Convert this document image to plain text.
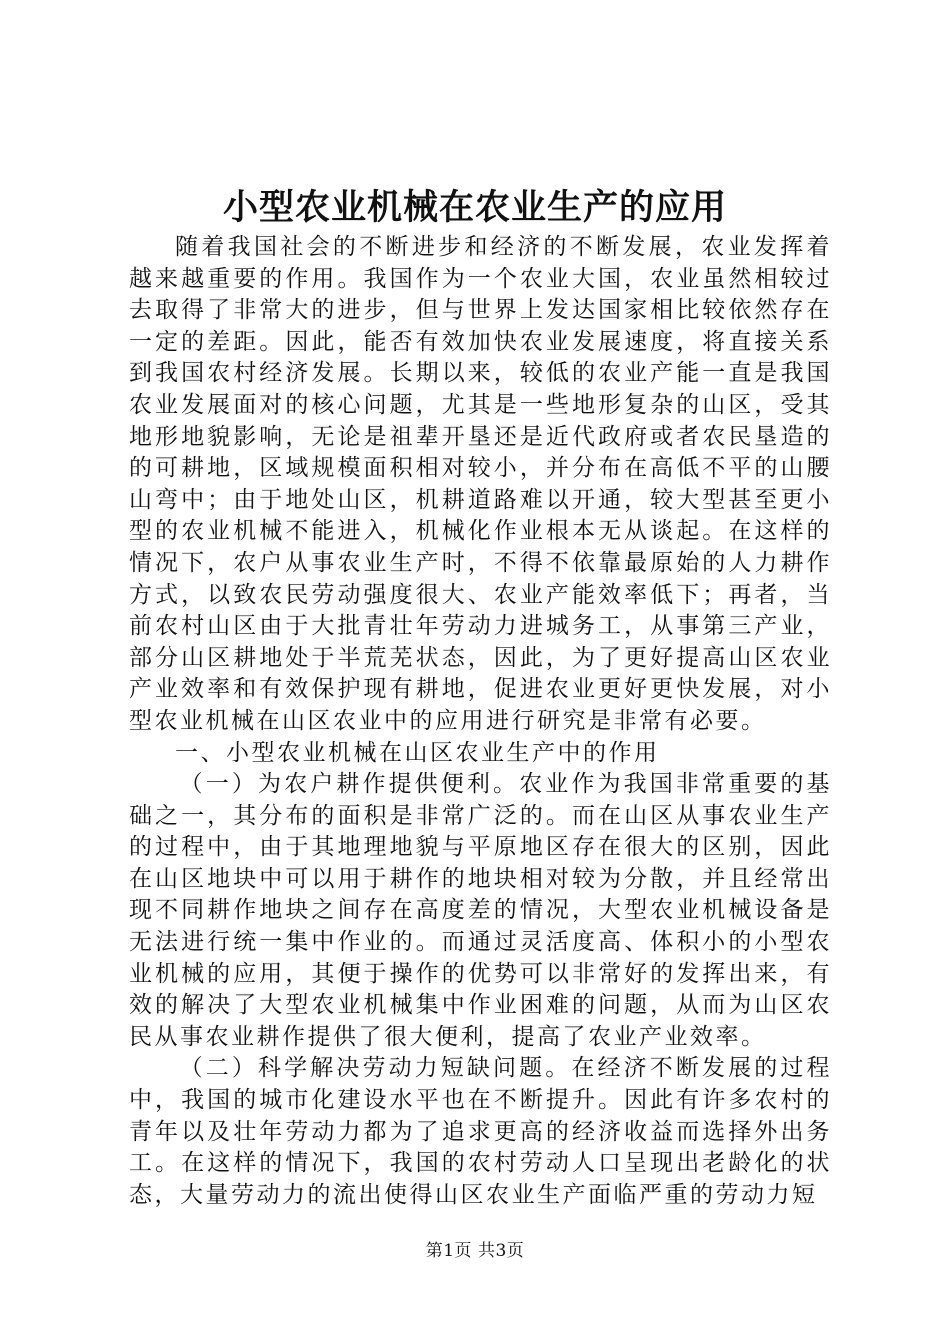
小型农业机械在农业生产的应用

随着我国社会的不断进步和经济的不断发展，农业发挥着越来越重要的作用。我国作为一个农业大国，农业虽然相较过去取得了非常大的进步，但与世界上发达国家相比较依然存在一定的差距。因此，能否有效加快农业发展速度，将直接关系到我国农村经济发展。长期以来，较低的农业产能一直是我国农业发展面对的核心问题，尤其是一些地形复杂的山区，受其地形地貌影响，无论是祖辈开垦还是近代政府或者农民垦造的的可耕地，区域规模面积相对较小，并分布在高低不平的山腰山弯中；由于地处山区，机耕道路难以开通，较大型甚至更小型的农业机械不能进入，机械化作业根本无从谈起。在这样的情况下，农户从事农业生产时，不得不依靠最原始的人力耕作方式，以致农民劳动强度很大、农业产能效率低下；再者，当前农村山区由于大批青壮年劳动力进城务工，从事第三产业，部分山区耕地处于半荒芜状态，因此，为了更好提高山区农业产业效率和有效保护现有耕地，促进农业更好更快发展，对小型农业机械在山区农业中的应用进行研究是非常有必要。

一、小型农业机械在山区农业生产中的作用

（一）为农户耕作提供便利。农业作为我国非常重要的基础之一，其分布的面积是非常广泛的。而在山区从事农业生产的过程中，由于其地理地貌与平原地区存在很大的区别，因此在山区地块中可以用于耕作的地块相对较为分散，并且经常出现不同耕作地块之间存在高度差的情况，大型农业机械设备是无法进行统一集中作业的。而通过灵活度高、体积小的小型农业机械的应用，其便于操作的优势可以非常好的发挥出来，有效的解决了大型农业机械集中作业困难的问题，从而为山区农民从事农业耕作提供了很大便利，提高了农业产业效率。

（二）科学解决劳动力短缺问题。在经济不断发展的过程中，我国的城市化建设水平也在不断提升。因此有许多农村的青年以及壮年劳动力都为了追求更高的经济收益而选择外出务工。在这样的情况下，我国的农村劳动人口呈现出老龄化的状态，大量劳动力的流出使得山区农业生产面临严重的劳动力短

第1页 共3页
